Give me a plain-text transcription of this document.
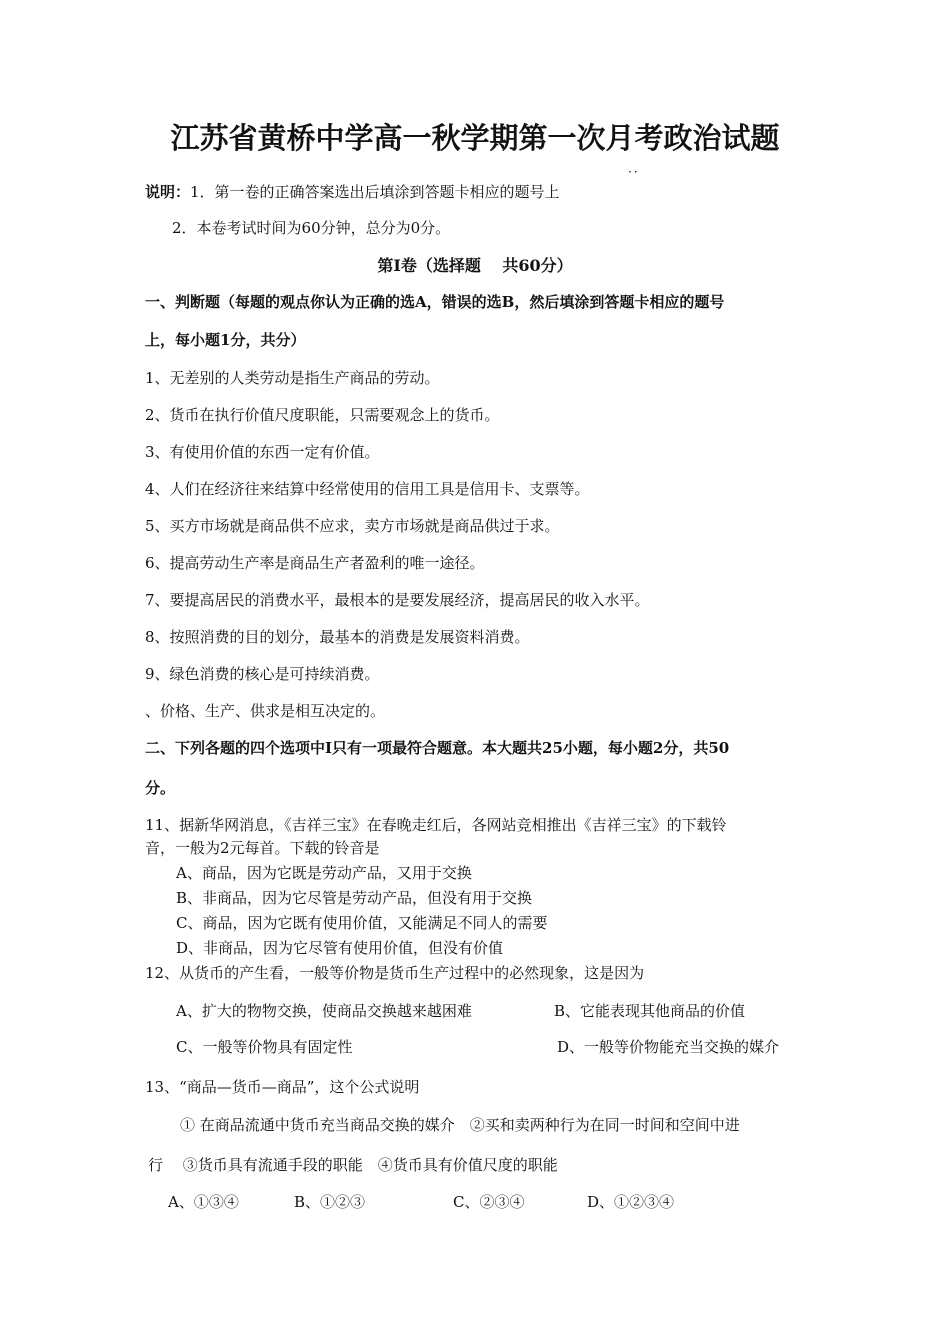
江苏省黄桥中学高一秋学期第一次月考政治试题
··
说明：1．第一卷的正确答案选出后填涂到答题卡相应的题号上
2．本卷考试时间为60分钟，总分为0分。
第Ⅰ卷（选择题　 共60分）
一、判断题（每题的观点你认为正确的选A，错误的选B，然后填涂到答题卡相应的题号
上，每小题1分，共分）
1、无差别的人类劳动是指生产商品的劳动。
2、货币在执行价值尺度职能，只需要观念上的货币。
3、有使用价值的东西一定有价值。
4、人们在经济往来结算中经常使用的信用工具是信用卡、支票等。
5、买方市场就是商品供不应求，卖方市场就是商品供过于求。
6、提高劳动生产率是商品生产者盈利的唯一途径。
7、要提高居民的消费水平，最根本的是要发展经济，提高居民的收入水平。
8、按照消费的目的划分，最基本的消费是发展资料消费。
9、绿色消费的核心是可持续消费。
、价格、生产、供求是相互决定的。
二、下列各题的四个选项中I只有一项最符合题意。本大题共25小题，每小题2分，共50
分。
11、据新华网消息，《吉祥三宝》在春晚走红后，各网站竞相推出《吉祥三宝》的下载铃
音，一般为2元每首。下载的铃音是
A、商品，因为它既是劳动产品，又用于交换
B、非商品，因为它尽管是劳动产品，但没有用于交换
C、商品，因为它既有使用价值，又能满足不同人的需要
D、非商品，因为它尽管有使用价值，但没有价值
12、从货币的产生看，一般等价物是货币生产过程中的必然现象，这是因为
A、扩大的物物交换，使商品交换越来越困难	B、它能表现其他商品的价值
C、一般等价物具有固定性	D、一般等价物能充当交换的媒介
13、“商品—货币—商品”，这个公式说明
① 在商品流通中货币充当商品交换的媒介　②买和卖两种行为在同一时间和空间中进
行　 ③货币具有流通手段的职能　④货币具有价值尺度的职能
A、①③④	B、①②③	C、②③④	D、①②③④
